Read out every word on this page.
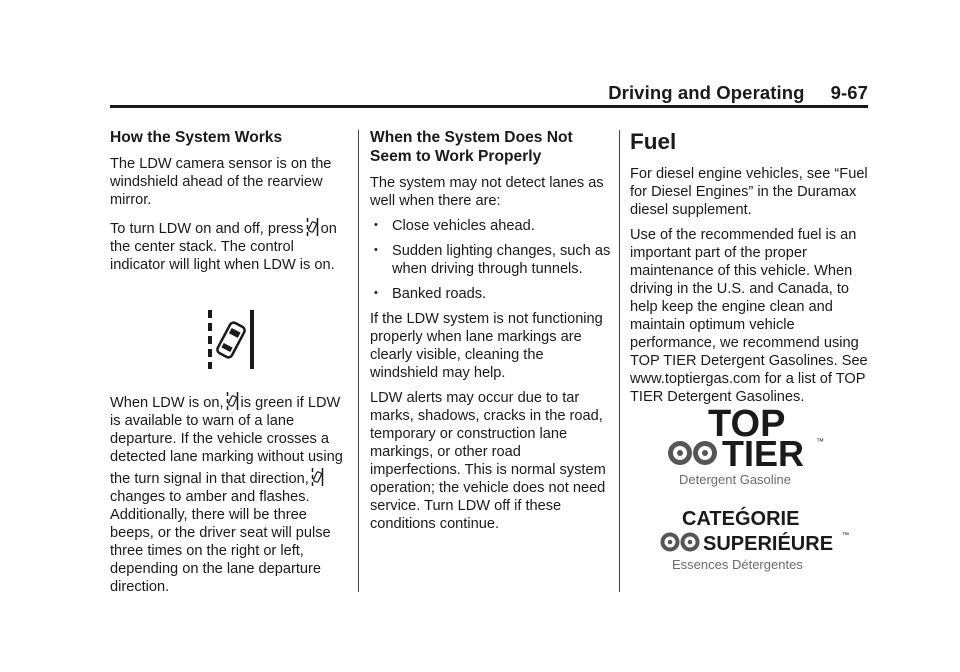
Driving and Operating 9-67
How the System Works

The LDW camera sensor is on the windshield ahead of the rearview mirror.

To turn LDW on and off, press on the center stack. The control indicator will light when LDW is on.

When LDW is on, is green if LDW is available to warn of a lane departure. If the vehicle crosses a detected lane marking without using the turn signal in that direction,changes to amber and flashes. Additionally, there will be three beeps, or the driver seat will pulse three times on the right or left, depending on the lane departure direction.

When the System Does Not Seem to Work Properly

The system may not detect lanes as well when there are:

• Close vehicles ahead.
• Sudden lighting changes, such as when driving through tunnels.
• Banked roads.

If the LDW system is not functioning properly when lane markings are clearly visible, cleaning the windshield may help.

LDW alerts may occur due to tar marks, shadows, cracks in the road, temporary or construction lane markings, or other road imperfections. This is normal system operation; the vehicle does not need service. Turn LDW off if these conditions continue.

Fuel

For diesel engine vehicles, see “Fuel for Diesel Engines” in the Duramax diesel supplement.

Use of the recommended fuel is an important part of the proper maintenance of this vehicle. When driving in the U.S. and Canada, to help keep the engine clean and maintain optimum vehicle performance, we recommend using TOP TIER Detergent Gasolines. See www.toptiergas.com for a list of TOP TIER Detergent Gasolines.

TOP
TIER ™
Detergent Gasoline
CATEǴORIE
SUPERIÉURE ™
Essences Détergentes
